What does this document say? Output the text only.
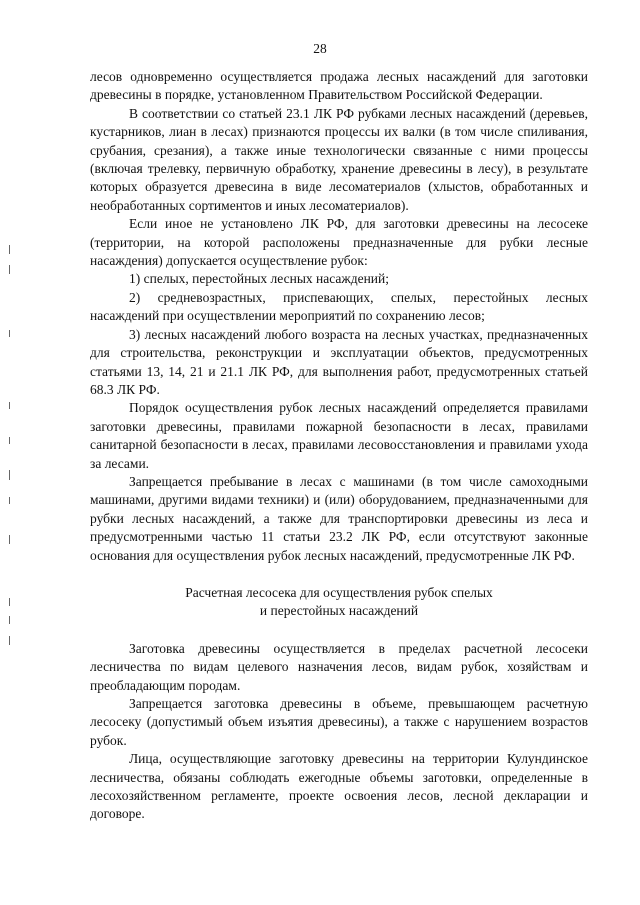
28

лесов одновременно осуществляется продажа лесных насаждений для заготовки древесины в порядке, установленном Правительством Российской Федерации.

В соответствии со статьей 23.1 ЛК РФ рубками лесных насаждений (деревьев, кустарников, лиан в лесах) признаются процессы их валки (в том числе спиливания, срубания, срезания), а также иные технологически связанные с ними процессы (включая трелевку, первичную обработку, хранение древесины в лесу), в результате которых образуется древесина в виде лесоматериалов (хлыстов, обработанных и необработанных сортиментов и иных лесоматериалов).

Если иное не установлено ЛК РФ, для заготовки древесины на лесосеке (территории, на которой расположены предназначенные для рубки лесные насаждения) допускается осуществление рубок:

1) спелых, перестойных лесных насаждений;

2) средневозрастных, приспевающих, спелых, перестойных лесных насаждений при осуществлении мероприятий по сохранению лесов;

3) лесных насаждений любого возраста на лесных участках, предназначенных для строительства, реконструкции и эксплуатации объектов, предусмотренных статьями 13, 14, 21 и 21.1 ЛК РФ, для выполнения работ, предусмотренных статьей 68.3 ЛК РФ.

Порядок осуществления рубок лесных насаждений определяется правилами заготовки древесины, правилами пожарной безопасности в лесах, правилами санитарной безопасности в лесах, правилами лесовосстановления и правилами ухода за лесами.

Запрещается пребывание в лесах с машинами (в том числе самоходными машинами, другими видами техники) и (или) оборудованием, предназначенными для рубки лесных насаждений, а также для транспортировки древесины из леса и предусмотренными частью 11 статьи 23.2 ЛК РФ, если отсутствуют законные основания для осуществления рубок лесных насаждений, предусмотренные ЛК РФ.

Расчетная лесосека для осуществления рубок спелых

и перестойных насаждений

Заготовка древесины осуществляется в пределах расчетной лесосеки лесничества по видам целевого назначения лесов, видам рубок, хозяйствам и преобладающим породам.

Запрещается заготовка древесины в объеме, превышающем расчетную лесосеку (допустимый объем изъятия древесины), а также с нарушением возрастов рубок.

Лица, осуществляющие заготовку древесины на территории Кулундинское лесничества, обязаны соблюдать ежегодные объемы заготовки, определенные в лесохозяйственном регламенте, проекте освоения лесов, лесной декларации и договоре.
